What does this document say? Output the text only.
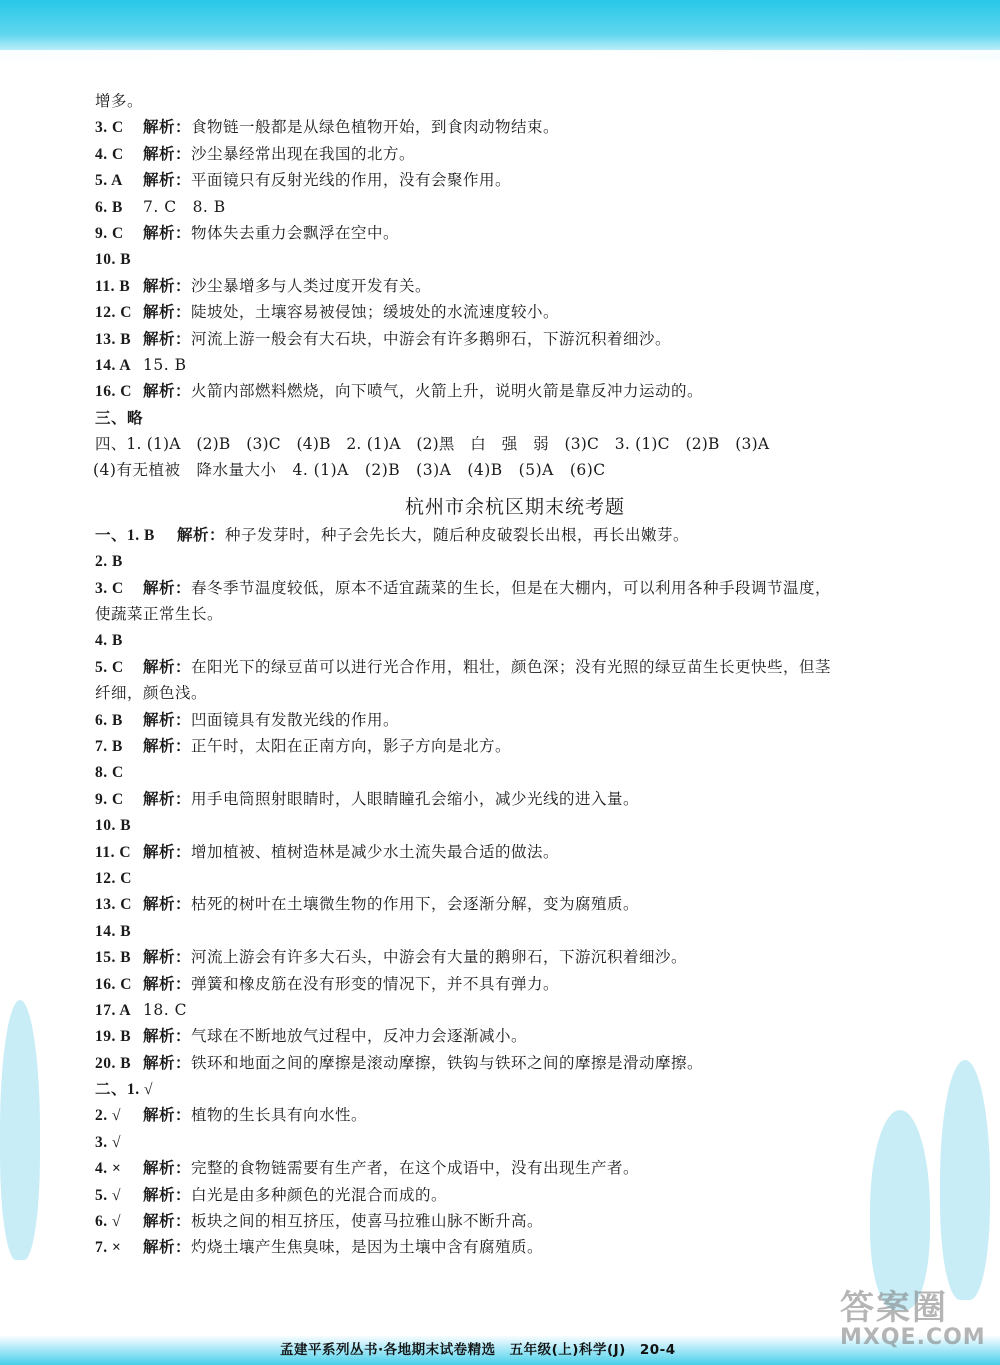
增多。
3. C 解析：食物链一般都是从绿色植物开始，到食肉动物结束。
4. C 解析：沙尘暴经常出现在我国的北方。
5. A 解析：平面镜只有反射光线的作用，没有会聚作用。
6. B 7. C　8. B
9. C 解析：物体失去重力会飘浮在空中。
10. B
11. B 解析：沙尘暴增多与人类过度开发有关。
12. C 解析：陡坡处，土壤容易被侵蚀；缓坡处的水流速度较小。
13. B 解析：河流上游一般会有大石块，中游会有许多鹅卵石，下游沉积着细沙。
14. A 15. B
16. C 解析：火箭内部燃料燃烧，向下喷气，火箭上升，说明火箭是靠反冲力运动的。
三、略
四、1. (1)A　(2)B　(3)C　(4)B　2. (1)A　(2)黑　白　强　弱　(3)C　3. (1)C　(2)B　(3)A
(4)有无植被　降水量大小　4. (1)A　(2)B　(3)A　(4)B　(5)A　(6)C
杭州市余杭区期末统考题
一、1. B 解析：种子发芽时，种子会先长大，随后种皮破裂长出根，再长出嫩芽。
2. B
3. C 解析：春冬季节温度较低，原本不适宜蔬菜的生长，但是在大棚内，可以利用各种手段调节温度，
使蔬菜正常生长。
4. B
5. C 解析：在阳光下的绿豆苗可以进行光合作用，粗壮，颜色深；没有光照的绿豆苗生长更快些，但茎
纤细，颜色浅。
6. B 解析：凹面镜具有发散光线的作用。
7. B 解析：正午时，太阳在正南方向，影子方向是北方。
8. C
9. C 解析：用手电筒照射眼睛时，人眼睛瞳孔会缩小，减少光线的进入量。
10. B
11. C 解析：增加植被、植树造林是减少水土流失最合适的做法。
12. C
13. C 解析：枯死的树叶在土壤微生物的作用下，会逐渐分解，变为腐殖质。
14. B
15. B 解析：河流上游会有许多大石头，中游会有大量的鹅卵石，下游沉积着细沙。
16. C 解析：弹簧和橡皮筋在没有形变的情况下，并不具有弹力。
17. A 18. C
19. B 解析：气球在不断地放气过程中，反冲力会逐渐减小。
20. B 解析：铁环和地面之间的摩擦是滚动摩擦，铁钩与铁环之间的摩擦是滑动摩擦。
二、1. √
2. √ 解析：植物的生长具有向水性。
3. √
4. × 解析：完整的食物链需要有生产者，在这个成语中，没有出现生产者。
5. √ 解析：白光是由多种颜色的光混合而成的。
6. √ 解析：板块之间的相互挤压，使喜马拉雅山脉不断升高。
7. × 解析：灼烧土壤产生焦臭味，是因为土壤中含有腐殖质。
孟建平系列丛书·各地期末试卷精选　五年级(上)科学(J)　20-4
答案圈
MXQE.COM
